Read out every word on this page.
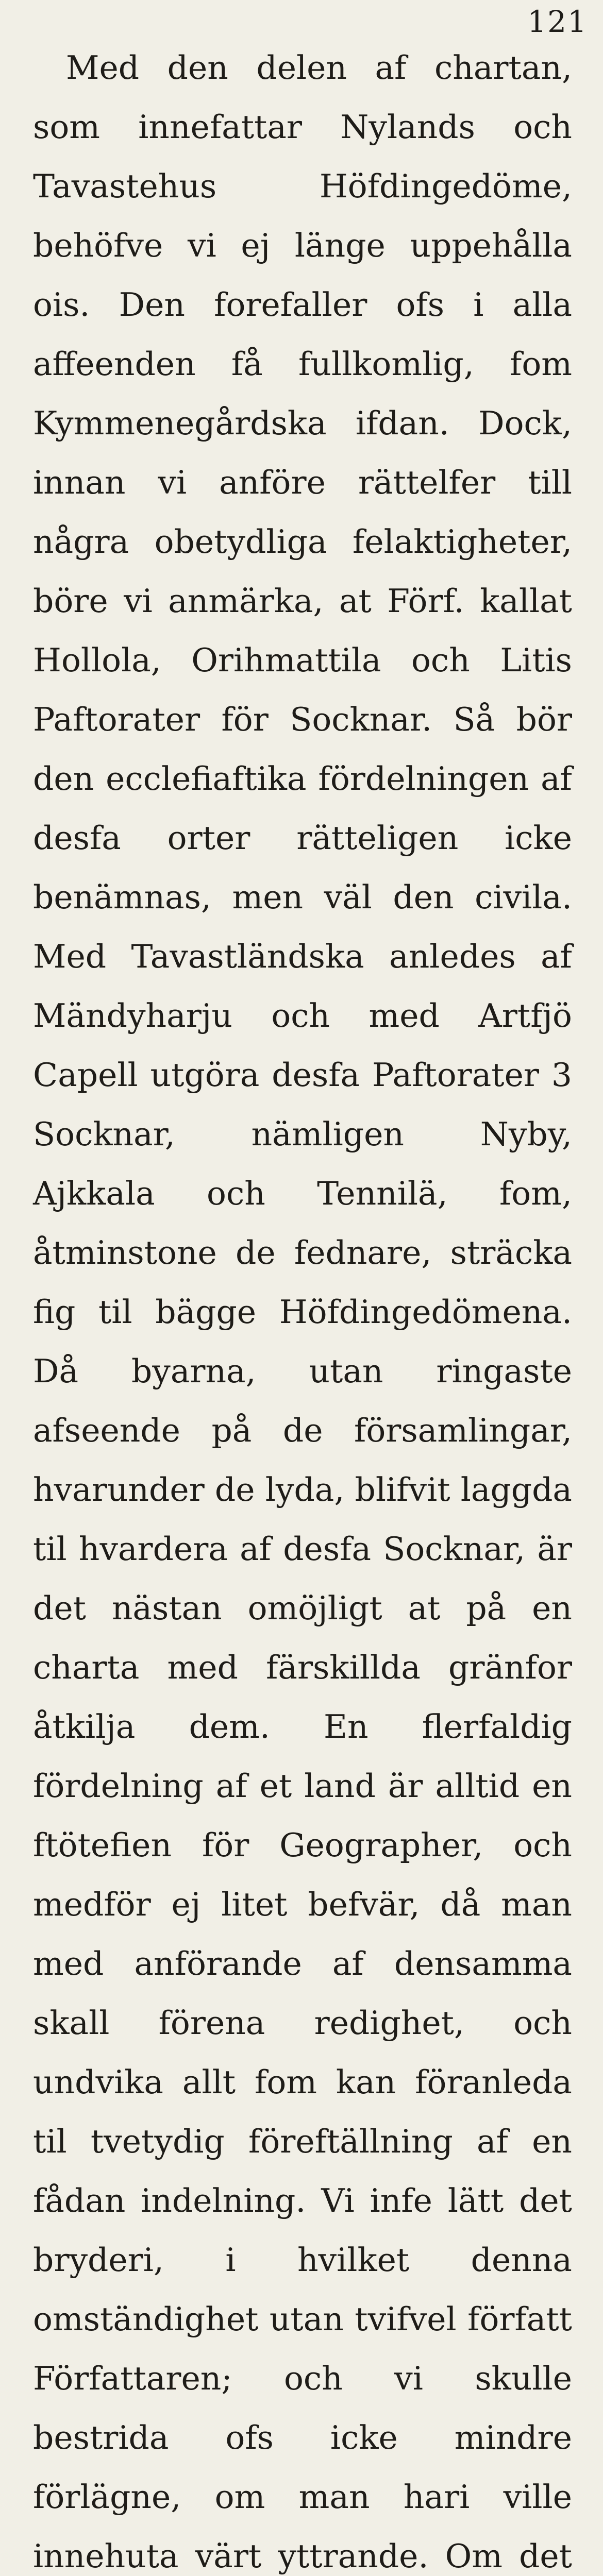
121

Med den delen af chartan, som innefattar Nylands och Tavastehus Höfdingedöme, behöfve vi ej länge uppehålla ois. Den forefaller ofs i alla affeenden få fullkomlig, fom Kymmenegårdska ifdan. Dock, innan vi anföre rättelfer till några obetydliga felaktigheter, böre vi anmärka, at Förf. kallat Hollola, Orihmattila och Litis Paftorater för Socknar. Så bör den ecclefiaftika fördelningen af desfa orter rätteligen icke benämnas, men väl den civila. Med Tavastländska anledes af Mändyharju och med Artfjö Capell utgöra desfa Paftorater 3 Socknar, nämligen Nyby, Ajkkala och Tennilä, fom, åtminstone de fednare, sträcka fig til bägge Höfdingedömena. Då byarna, utan ringaste afseende på de församlingar, hvarunder de lyda, blifvit laggda til hvardera af desfa Socknar, är det nästan omöjligt at på en charta med färskillda gränfor åtkilja dem. En flerfaldig fördelning af et land är alltid en ftötefien för Geographer, och medför ej litet befvär, då man med anförande af densamma skall förena redighet, och undvika allt fom kan föranleda til tvetydig föreftällning af en fådan indelning. Vi infe lätt det bryderi, i hvilket denna omständighet utan tvifvel författ Författaren; och vi skulle bestrida ofs icke mindre förlägne, om man hari ville innehuta värt yttrande. Om det
